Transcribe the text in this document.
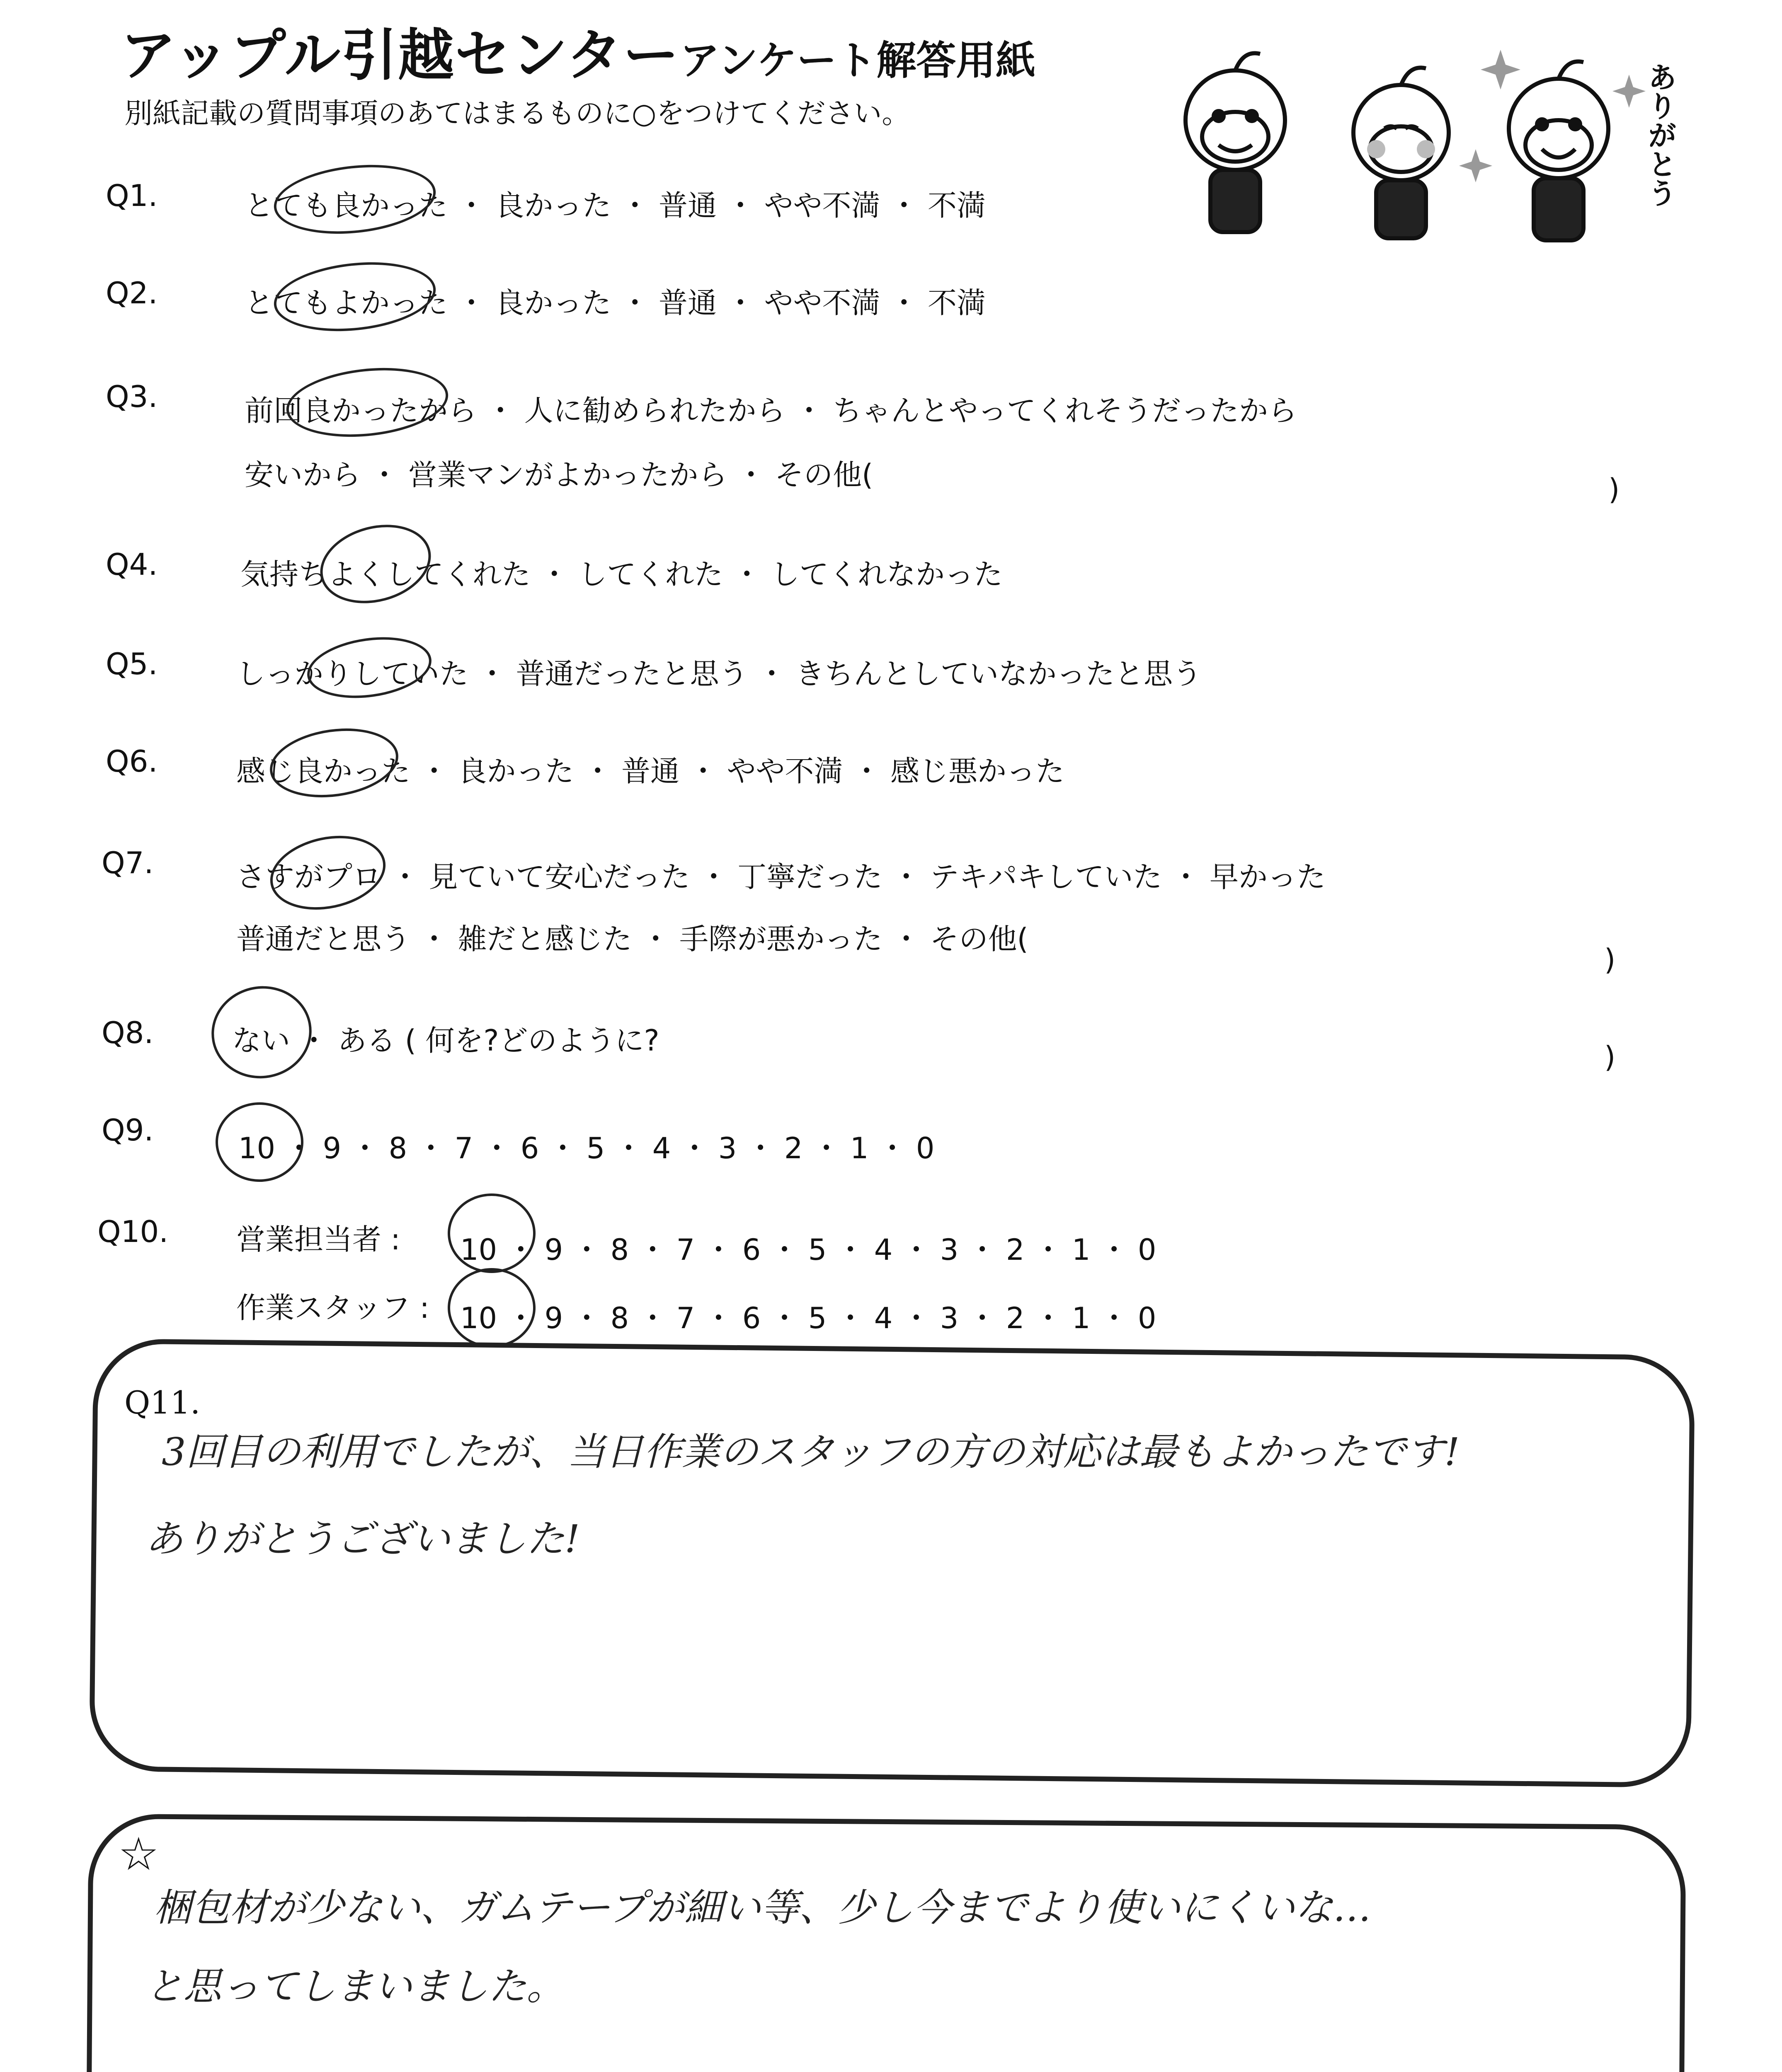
アップル引越センター アンケート解答用紙
別紙記載の質問事項のあてはまるものに○をつけてください。	ありがとう
Q1.	とても良かった ・ 良かった ・ 普通 ・ やや不満 ・ 不満
Q2.	とてもよかった ・ 良かった ・ 普通 ・ やや不満 ・ 不満
Q3.	前回良かったから ・ 人に勧められたから ・ ちゃんとやってくれそうだったから
安いから ・ 営業マンがよかったから ・ その他(	)
Q4.	気持ちよくしてくれた ・ してくれた ・ してくれなかった
Q5.	しっかりしていた ・ 普通だったと思う ・ きちんとしていなかったと思う
Q6.	感じ良かった ・ 良かった ・ 普通 ・ やや不満 ・ 感じ悪かった
Q7.	さすがプロ ・ 見ていて安心だった ・ 丁寧だった ・ テキパキしていた ・ 早かった
普通だと思う ・ 雑だと感じた ・ 手際が悪かった ・ その他(
)
Q8.	ない ・ ある ( 何を?どのように?	)
Q9.
10 ・ 9 ・ 8 ・ 7 ・ 6 ・ 5 ・ 4 ・ 3 ・ 2 ・ 1 ・ 0
Q10. 営業担当者 : 10 ・ 9 ・ 8 ・ 7 ・ 6 ・ 5 ・ 4 ・ 3 ・ 2 ・ 1 ・ 0
作業スタッフ : 10 ・ 9 ・ 8 ・ 7 ・ 6 ・ 5 ・ 4 ・ 3 ・ 2 ・ 1 ・ 0
Q11.
3回目の利用でしたが、当日作業のスタッフの方の対応は最もよかったです!
ありがとうございました!
☆
梱包材が少ない、ガムテープが細い等、少し今までより使いにくいな…
と思ってしまいました。
